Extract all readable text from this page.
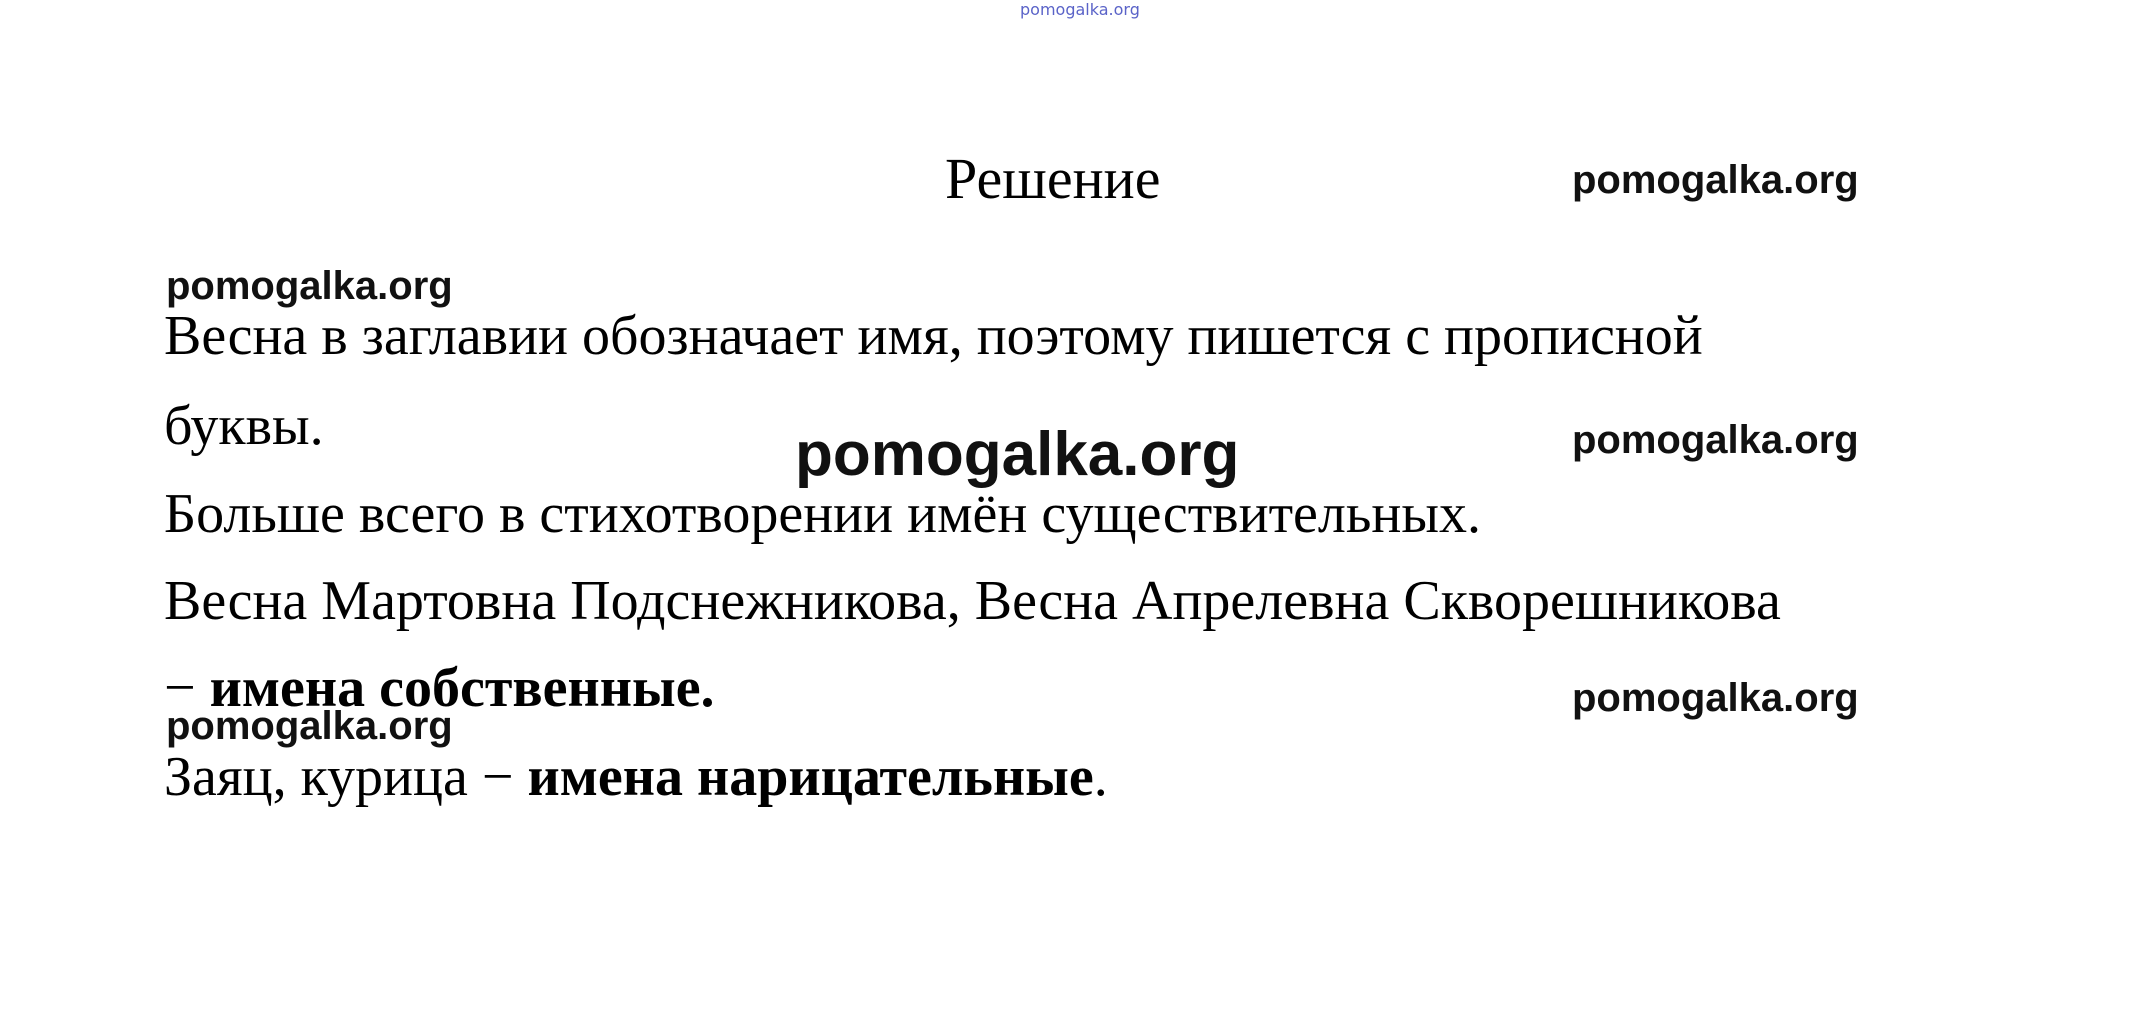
pomogalka.org
Решение	pomogalka.org
pomogalka.org
pomogalka.org	pomogalka.org
pomogalka.org
pomogalka.org
Весна в заглавии обозначает имя, поэтому пишется с прописной
буквы.
Больше всего в стихотворении имён существительных.
Весна Мартовна Подснежникова, Весна Апрелевна Скворешникова
− имена собственные.
Заяц, курица − имена нарицательные.
